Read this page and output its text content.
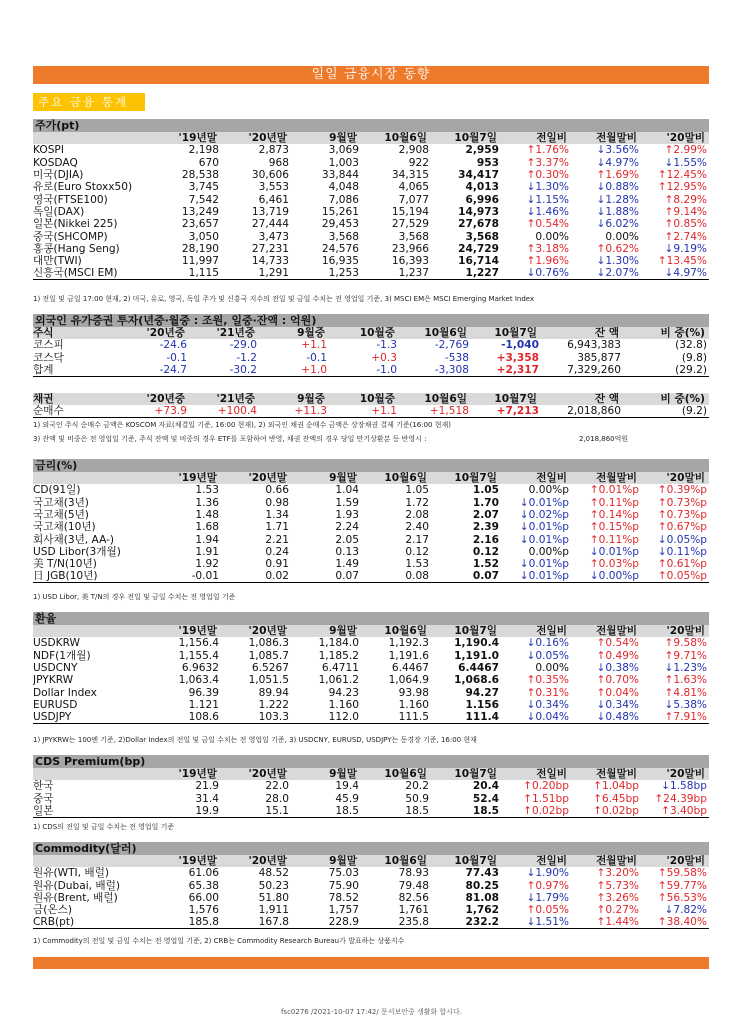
일일 금융시장 동향
주요 금융 통계
주가(pt)
	'19년말	'20년말	9월말	10월6일	10월7일	전일비	전월말비	'20말비
KOSPI	2,198	2,873	3,069	2,908	2,959	↑1.76%	↓3.56%	↑2.99%
KOSDAQ	670	968	1,003	922	953	↑3.37%	↓4.97%	↓1.55%
미국(DJIA)	28,538	30,606	33,844	34,315	34,417	↑0.30%	↑1.69%	↑12.45%
유로(Euro Stoxx50)	3,745	3,553	4,048	4,065	4,013	↓1.30%	↓0.88%	↑12.95%
영국(FTSE100)	7,542	6,461	7,086	7,077	6,996	↓1.15%	↓1.28%	↑8.29%
독일(DAX)	13,249	13,719	15,261	15,194	14,973	↓1.46%	↓1.88%	↑9.14%
일본(Nikkei 225)	23,657	27,444	29,453	27,529	27,678	↑0.54%	↓6.02%	↑0.85%
중국(SHCOMP)	3,050	3,473	3,568	3,568	3,568	0.00%	0.00%	↑2.74%
홍콩(Hang Seng)	28,190	27,231	24,576	23,966	24,729	↑3.18%	↑0.62%	↓9.19%
대만(TWI)	11,997	14,733	16,935	16,393	16,714	↑1.96%	↓1.30%	↑13.45%
신흥국(MSCI EM)	1,115	1,291	1,253	1,237	1,227	↓0.76%	↓2.07%	↓4.97%
1) 전일 및 금일 17:00 현재, 2) 미국, 유로, 영국, 독일 주가 및 신흥국 지수의 전일 및 금일 수치는 전 영업일 기준, 3) MSCI EM은 MSCI Emerging Market Index
외국인 유가증권 투자(년중·월중 : 조원, 일중·잔액 : 억원)
주식	'20년중	'21년중	9월중	10월중	10월6일	10월7일	잔 액	비 중(%)
코스피	-24.6	-29.0	+1.1	-1.3	-2,769	-1,040	6,943,383	(32.8)
코스닥	-0.1	-1.2	-0.1	+0.3	-538	+3,358	385,877	(9.8)
합계	-24.7	-30.2	+1.0	-1.0	-3,308	+2,317	7,329,260	(29.2)
채권	'20년중	'21년중	9월중	10월중	10월6일	10월7일	잔 액	비 중(%)
순매수	+73.9	+100.4	+11.3	+1.1	+1,518	+7,213	2,018,860	(9.2)
1) 외국인 주식 순매수 금액은 KOSCOM 자료(체결일 기준, 16:00 현재), 2) 외국인 채권 순매수 금액은 상장채권 결제 기준(16:00 현재)
3) 잔액 및 비중은 전 영업일 기준, 주식 잔액 및 비중의 경우 ETF를 포함하여 반영, 채권 잔액의 경우 당일 만기상환분 등 반영시 :	2,018,860억원
금리(%)
	'19년말	'20년말	9월말	10월6일	10월7일	전일비	전월말비	'20말비
CD(91일)	1.53	0.66	1.04	1.05	1.05	0.00%p	↑0.01%p	↑0.39%p
국고채(3년)	1.36	0.98	1.59	1.72	1.70	↓0.01%p	↑0.11%p	↑0.73%p
국고채(5년)	1.48	1.34	1.93	2.08	2.07	↓0.02%p	↑0.14%p	↑0.73%p
국고채(10년)	1.68	1.71	2.24	2.40	2.39	↓0.01%p	↑0.15%p	↑0.67%p
회사채(3년, AA-)	1.94	2.21	2.05	2.17	2.16	↓0.01%p	↑0.11%p	↓0.05%p
USD Libor(3개월)	1.91	0.24	0.13	0.12	0.12	0.00%p	↓0.01%p	↓0.11%p
美 T/N(10년)	1.92	0.91	1.49	1.53	1.52	↓0.01%p	↑0.03%p	↑0.61%p
日 JGB(10년)	-0.01	0.02	0.07	0.08	0.07	↓0.01%p	↓0.00%p	↑0.05%p
1) USD Libor, 美 T/N의 경우 전일 및 금일 수치는 전 영업일 기준
환율
	'19년말	'20년말	9월말	10월6일	10월7일	전일비	전월말비	'20말비
USDKRW	1,156.4	1,086.3	1,184.0	1,192.3	1,190.4	↓0.16%	↑0.54%	↑9.58%
NDF(1개월)	1,155.4	1,085.7	1,185.2	1,191.6	1,191.0	↓0.05%	↑0.49%	↑9.71%
USDCNY	6.9632	6.5267	6.4711	6.4467	6.4467	0.00%	↓0.38%	↓1.23%
JPYKRW	1,063.4	1,051.5	1,061.2	1,064.9	1,068.6	↑0.35%	↑0.70%	↑1.63%
Dollar Index	96.39	89.94	94.23	93.98	94.27	↑0.31%	↑0.04%	↑4.81%
EURUSD	1.121	1.222	1.160	1.160	1.156	↓0.34%	↓0.34%	↓5.38%
USDJPY	108.6	103.3	112.0	111.5	111.4	↓0.04%	↓0.48%	↑7.91%
1) JPYKRW는 100엔 기준, 2)Dollar Index의 전일 및 금일 수치는 전 영업일 기준, 3) USDCNY, EURUSD, USDJPY는 동경장 기준, 16:00 현재
CDS Premium(bp)
	'19년말	'20년말	9월말	10월6일	10월7일	전일비	전월말비	'20말비
한국	21.9	22.0	19.4	20.2	20.4	↑0.20bp	↑1.04bp	↓1.58bp
중국	31.4	28.0	45.9	50.9	52.4	↑1.51bp	↑6.45bp	↑24.39bp
일본	19.9	15.1	18.5	18.5	18.5	↑0.02bp	↑0.02bp	↑3.40bp
1) CDS의 전일 및 금일 수치는 전 영업일 기준
Commodity(달러)
	'19년말	'20년말	9월말	10월6일	10월7일	전일비	전월말비	'20말비
원유(WTI, 배럴)	61.06	48.52	75.03	78.93	77.43	↓1.90%	↑3.20%	↑59.58%
원유(Dubai, 배럴)	65.38	50.23	75.90	79.48	80.25	↑0.97%	↑5.73%	↑59.77%
원유(Brent, 배럴)	66.00	51.80	78.52	82.56	81.08	↓1.79%	↑3.26%	↑56.53%
금(온스)	1,576	1,911	1,757	1,761	1,762	↑0.05%	↑0.27%	↓7.82%
CRB(pt)	185.8	167.8	228.9	235.8	232.2	↓1.51%	↑1.44%	↑38.40%
1) Commodity의 전일 및 금일 수치는 전 영업일 기준, 2) CRB는 Commodity Research Bureau가 발표하는 상품지수
fsc0276 /2021-10-07 17:42/ 문서보안중 생활화 합시다.
